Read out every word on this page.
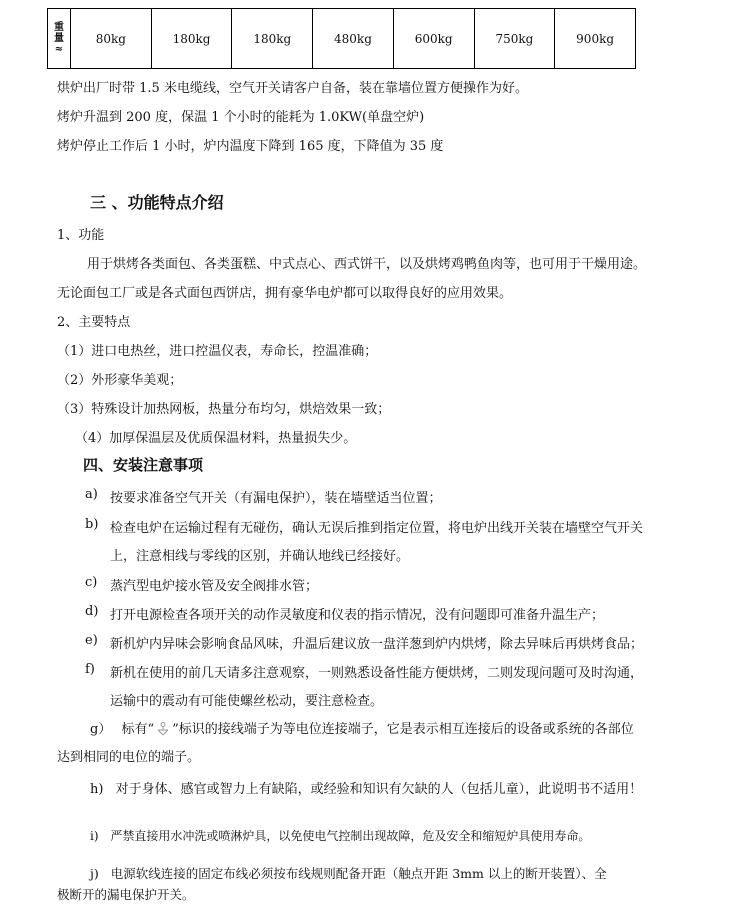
重
量
≈
	80kg	180kg	180kg	480kg	600kg	750kg	900kg
烘炉出厂时带 1.5 米电缆线，空气开关请客户自备，装在靠墙位置方便操作为好。
烤炉升温到 200 度，保温 1 个小时的能耗为 1.0KW(单盘空炉)
烤炉停止工作后 1 小时，炉内温度下降到 165 度，下降值为 35 度
三 、功能特点介绍
1、功能
用于烘烤各类面包、各类蛋糕、中式点心、西式饼干，以及烘烤鸡鸭鱼肉等，也可用于干燥用途。
无论面包工厂或是各式面包西饼店，拥有豪华电炉都可以取得良好的应用效果。
2、主要特点
（1）进口电热丝，进口控温仪表，寿命长，控温准确；
（2）外形豪华美观；
（3）特殊设计加热网板，热量分布均匀，烘焙效果一致；
（4）加厚保温层及优质保温材料，热量损失少。
四、安装注意事项
a) 按要求准备空气开关（有漏电保护），装在墙壁适当位置；
b) 检查电炉在运输过程有无碰伤，确认无误后推到指定位置，将电炉出线开关装在墙壁空气开关
上，注意相线与零线的区别，并确认地线已经接好。
c) 蒸汽型电炉接水管及安全阀排水管；
d) 打开电源检查各项开关的动作灵敏度和仪表的指示情况，没有问题即可准备升温生产；
e) 新机炉内异味会影响食品风味，升温后建议放一盘洋葱到炉内烘烤，除去异味后再烘烤食品；
f) 新机在使用的前几天请多注意观察，一则熟悉设备性能方便烘烤，二则发现问题可及时沟通，
运输中的震动有可能使螺丝松动，要注意检查。
g） 标有“ ”标识的接线端子为等电位连接端子，它是表示相互连接后的设备或系统的各部位
达到相同的电位的端子。
h) 对于身体、感官或智力上有缺陷，或经验和知识有欠缺的人（包括儿童），此说明书不适用！
i) 严禁直接用水冲洗或喷淋炉具，以免使电气控制出现故障，危及安全和缩短炉具使用寿命。
j) 电源软线连接的固定布线必须按布线规则配备开距（触点开距 3mm 以上的断开装置）、全
极断开的漏电保护开关。
